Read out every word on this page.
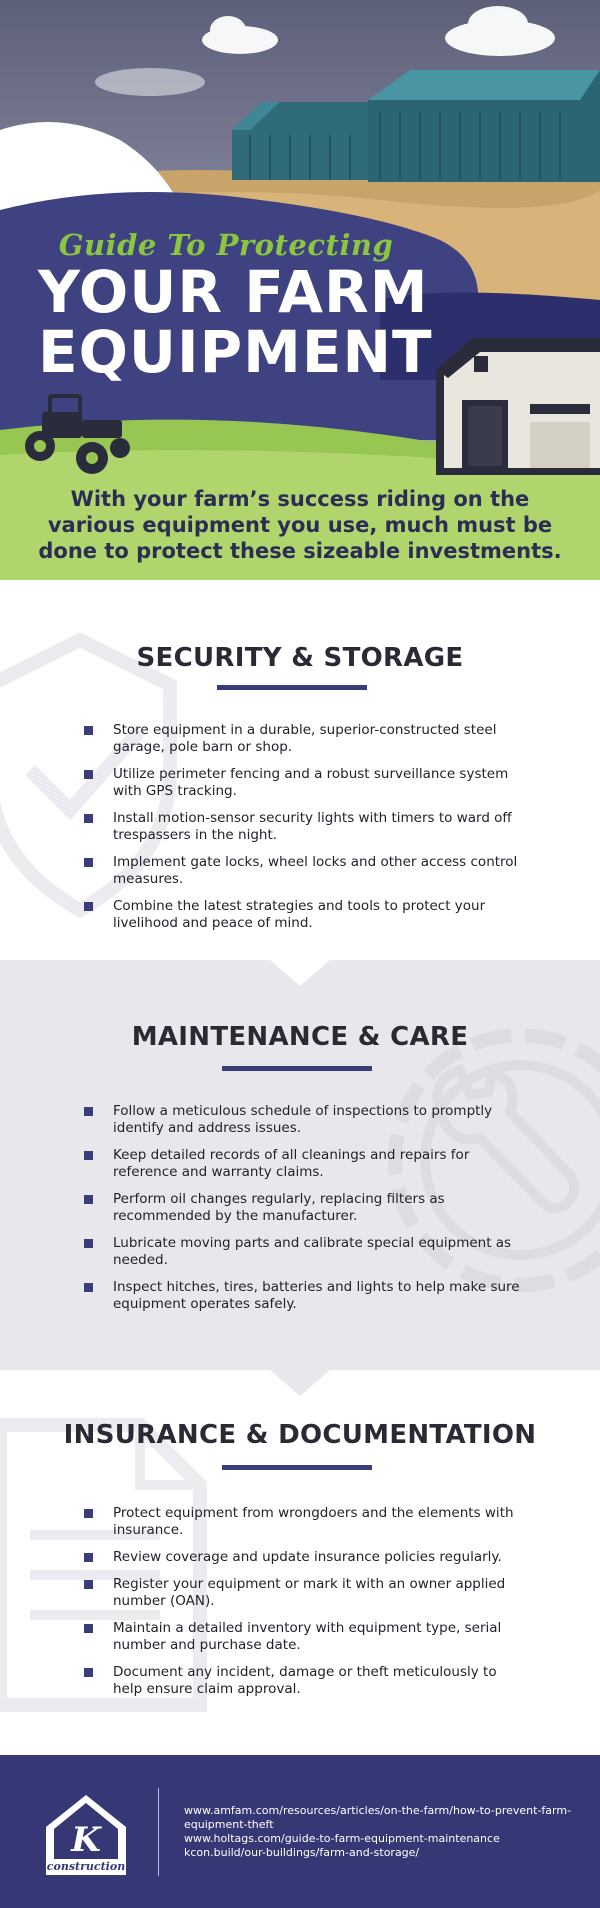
Guide To Protecting
YOUR FARM
EQUIPMENT
With your farm’s success riding on the various equipment you use, much must be done to protect these sizeable investments.
SECURITY & STORAGE
Store equipment in a durable, superior-constructed steel garage, pole barn or shop.
Utilize perimeter fencing and a robust surveillance system with GPS tracking.
Install motion-sensor security lights with timers to ward off trespassers in the night.
Implement gate locks, wheel locks and other access control measures.
Combine the latest strategies and tools to protect your livelihood and peace of mind.
MAINTENANCE & CARE
Follow a meticulous schedule of inspections to promptly identify and address issues.
Keep detailed records of all cleanings and repairs for reference and warranty claims.
Perform oil changes regularly, replacing filters as recommended by the manufacturer.
Lubricate moving parts and calibrate special equipment as needed.
Inspect hitches, tires, batteries and lights to help make sure equipment operates safely.
INSURANCE & DOCUMENTATION
Protect equipment from wrongdoers and the elements with insurance.
Review coverage and update insurance policies regularly.
Register your equipment or mark it with an owner applied number (OAN).
Maintain a detailed inventory with equipment type, serial number and purchase date.
Document any incident, damage or theft meticulously to help ensure claim approval.
K
construction
www.amfam.com/resources/articles/on-the-farm/how-to-prevent-farm-equipment-theft
www.holtags.com/guide-to-farm-equipment-maintenance
kcon.build/our-buildings/farm-and-storage/
